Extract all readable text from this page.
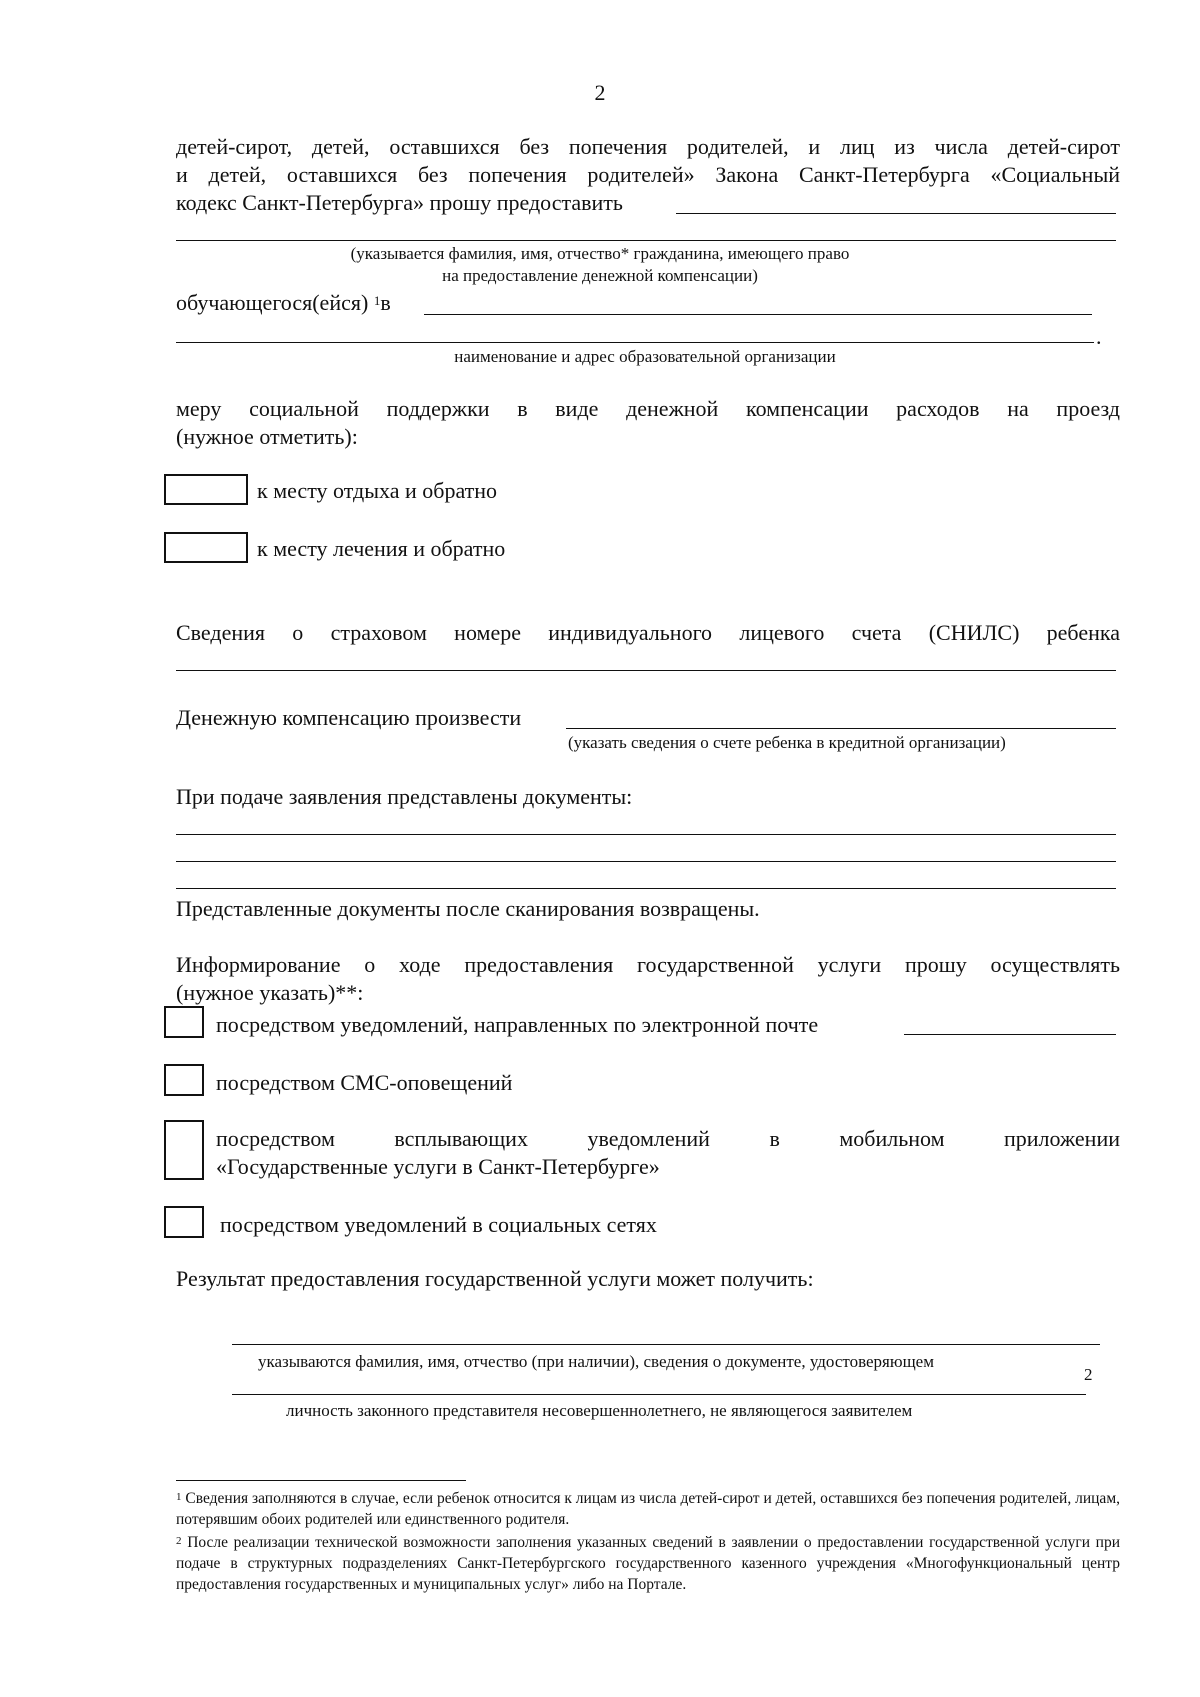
2
детей-сирот, детей, оставшихся без попечения родителей, и лиц из числа детей-сирот
и детей, оставшихся без попечения родителей» Закона Санкт-Петербурга «Социальный
кодекс Санкт-Петербурга» прошу предоставить
(указывается фамилия, имя, отчество* гражданина, имеющего право
на предоставление денежной компенсации)
обучающегося(ейся) $^1$в
.
наименование и адрес образовательной организации
меру социальной поддержки в виде денежной компенсации расходов на проезд
(нужное отметить):
к месту отдыха и обратно
к месту лечения и обратно
Сведения о страховом номере индивидуального лицевого счета (СНИЛС) ребенка
Денежную компенсацию произвести
(указать сведения о счете ребенка в кредитной организации)
При подаче заявления представлены документы:
Представленные документы после сканирования возвращены.
Информирование о ходе предоставления государственной услуги прошу осуществлять
(нужное указать)**:
посредством уведомлений, направленных по электронной почте
посредством СМС-оповещений
посредством всплывающих уведомлений в мобильном приложении
«Государственные услуги в Санкт-Петербурге»
посредством уведомлений в социальных сетях
Результат предоставления государственной услуги может получить:
указываются фамилия, имя, отчество (при наличии), сведения о документе, удостоверяющем
2
личность законного представителя несовершеннолетнего, не являющегося заявителем
$^1$ Сведения заполняются в случае, если ребенок относится к лицам из числа детей-сирот и детей, оставшихся без попечения родителей, лицам, потерявшим обоих родителей или единственного родителя.
$^2$ После реализации технической возможности заполнения указанных сведений в заявлении о предоставлении государственной услуги при подаче в структурных подразделениях Санкт-Петербургского государственного казенного учреждения «Многофункциональный центр предоставления государственных и муниципальных услуг» либо на Портале.
